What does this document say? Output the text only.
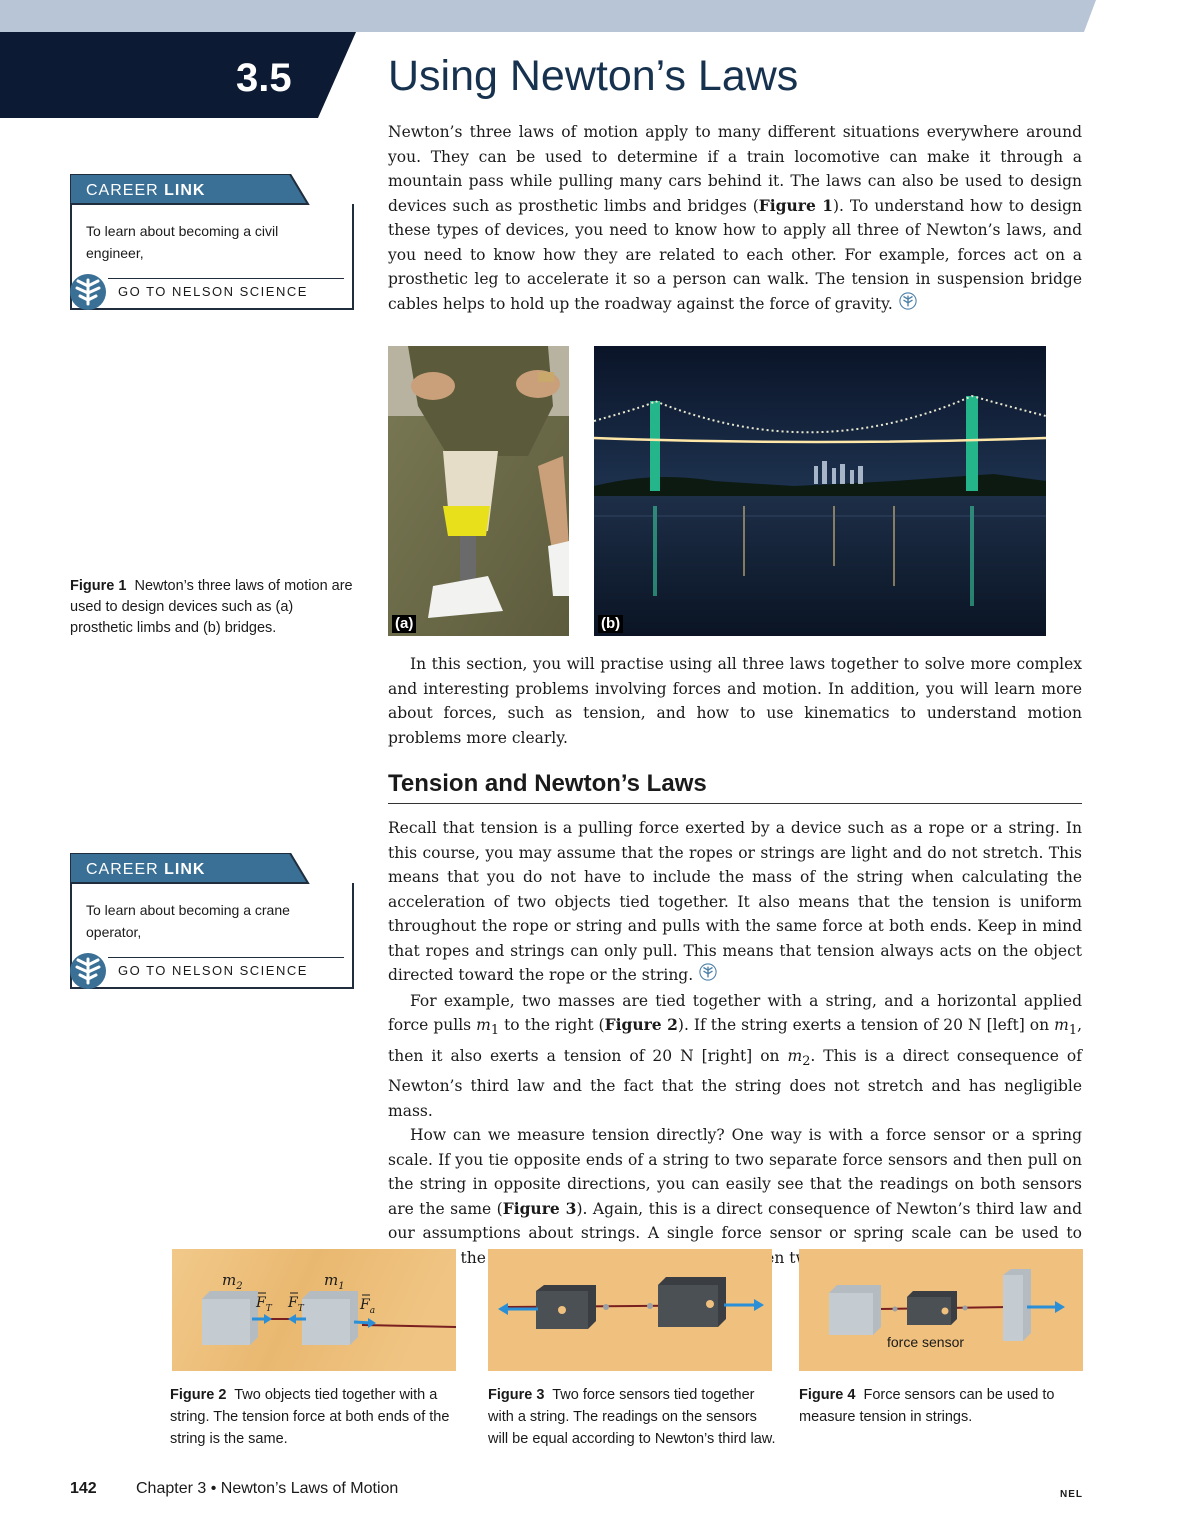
3.5 Using Newton’s Laws

Newton’s three laws of motion apply to many different situations everywhere around you. They can be used to determine if a train locomotive can make it through a mountain pass while pulling many cars behind it. The laws can also be used to design devices such as prosthetic limbs and bridges (Figure 1). To understand how to design these types of devices, you need to know how to apply all three of Newton’s laws, and you need to know how they are related to each other. For example, forces act on a prosthetic leg to accelerate it so a person can walk. The tension in suspension bridge cables helps to hold up the roadway against the force of gravity.

CAREER LINK
To learn about becoming a civil engineer,
GO TO NELSON SCIENCE
Figure 1 Newton’s three laws of motion are used to design devices such as (a) prosthetic limbs and (b) bridges.	(a)	(b)

In this section, you will practise using all three laws together to solve more complex and interesting problems involving forces and motion. In addition, you will learn more about forces, such as tension, and how to use kinematics to understand motion problems more clearly.

Tension and Newton’s Laws

Recall that tension is a pulling force exerted by a device such as a rope or a string. In this course, you may assume that the ropes or strings are light and do not stretch. This means that you do not have to include the mass of the string when calculating the acceleration of two objects tied together. It also means that the tension is uniform throughout the rope or string and pulls with the same force at both ends. Keep in mind that ropes and strings can only pull. This means that tension always acts on the object directed toward the rope or the string.

For example, two masses are tied together with a string, and a horizontal applied force pulls $m_1$ to the right (Figure 2). If the string exerts a tension of 20 N [left] on $m_1$, then it also exerts a tension of 20 N [right] on $m_2$. This is a direct consequence of Newton’s third law and the fact that the string does not stretch and has negligible mass.

How can we measure tension directly? One way is with a force sensor or a spring scale. If you tie opposite ends of a string to two separate force sensors and then pull on the string in opposite directions, you can easily see that the readings on both sensors are the same (Figure 3). Again, this is a direct consequence of Newton’s third law and our assumptions about strings. A single force sensor or spring scale can be used to the

CAREER LINK
To learn about becoming a crane operator,
GO TO NELSON SCIENCE
$m_2$	$m_1$
$F_T$ $F_T$	$F_a$
force sensor
Figure 2 Two objects tied together with a string. The tension force at both ends of the string is the same.
Figure 3 Two force sensors tied together with a string. The readings on the sensors will be equal according to Newton’s third law.
Figure 4 Force sensors can be used to measure tension in strings.
142 Chapter 3 • Newton’s Laws of Motion	NEL
